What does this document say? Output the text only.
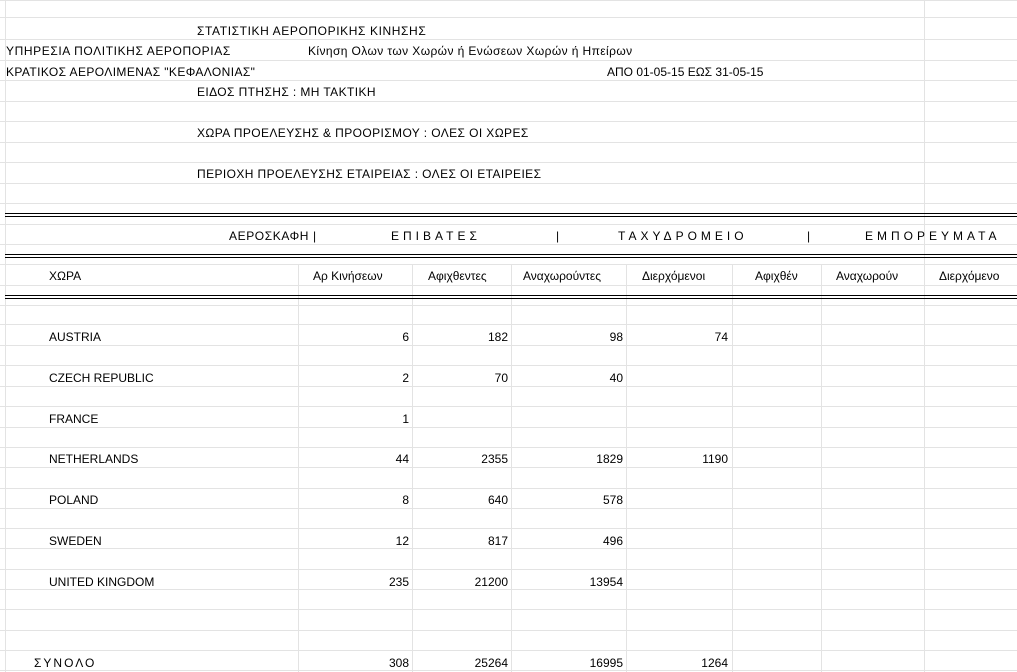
ΣΤΑΤΙΣΤΙΚΗ ΑΕΡΟΠΟΡΙΚΗΣ ΚΙΝΗΣΗΣ
ΥΠΗΡΕΣΙΑ ΠΟΛΙΤΙΚΗΣ ΑΕΡΟΠΟΡΙΑΣ	Κίνηση Ολων των Χωρών ή Ενώσεων Χωρών ή Ηπείρων
ΚΡΑΤΙΚΟΣ ΑΕΡΟΛΙΜΕΝΑΣ "ΚΕΦΑΛΟΝΙΑΣ"	ΑΠΟ 01-05-15 ΕΩΣ 31-05-15
ΕΙΔΟΣ ΠΤΗΣΗΣ : ΜΗ ΤΑΚΤΙΚΗ
ΧΩΡΑ ΠΡΟΕΛΕΥΣΗΣ & ΠΡΟΟΡΙΣΜΟΥ : ΟΛΕΣ ΟΙ ΧΩΡΕΣ
ΠΕΡΙΟΧΗ ΠΡΟΕΛΕΥΣΗΣ ΕΤΑΙΡΕΙΑΣ : ΟΛΕΣ ΟΙ ΕΤΑΙΡΕΙΕΣ
ΑΕΡΟΣΚΑΦΗ |	ΕΠΙΒΑΤΕΣ	|	ΤΑΧΥΔΡΟΜΕΙΟ	|	ΕΜΠΟΡΕΥΜΑΤΑ
ΧΩΡΑ	Αρ Κινήσεων	Αφιχθεντες	Αναχωρούντες	Διερχόμενοι	Αφιχθέν	Αναχωρούν	Διερχόμενο
AUSTRIA	6	182	98	74
CZECH REPUBLIC	2	70	40
FRANCE	1
NETHERLANDS	44	2355	1829	1190
POLAND	8	640	578
SWEDEN	12	817	496
UNITED KINGDOM	235	21200	13954
ΣΥΝΟΛΟ	308	25264	16995	1264
